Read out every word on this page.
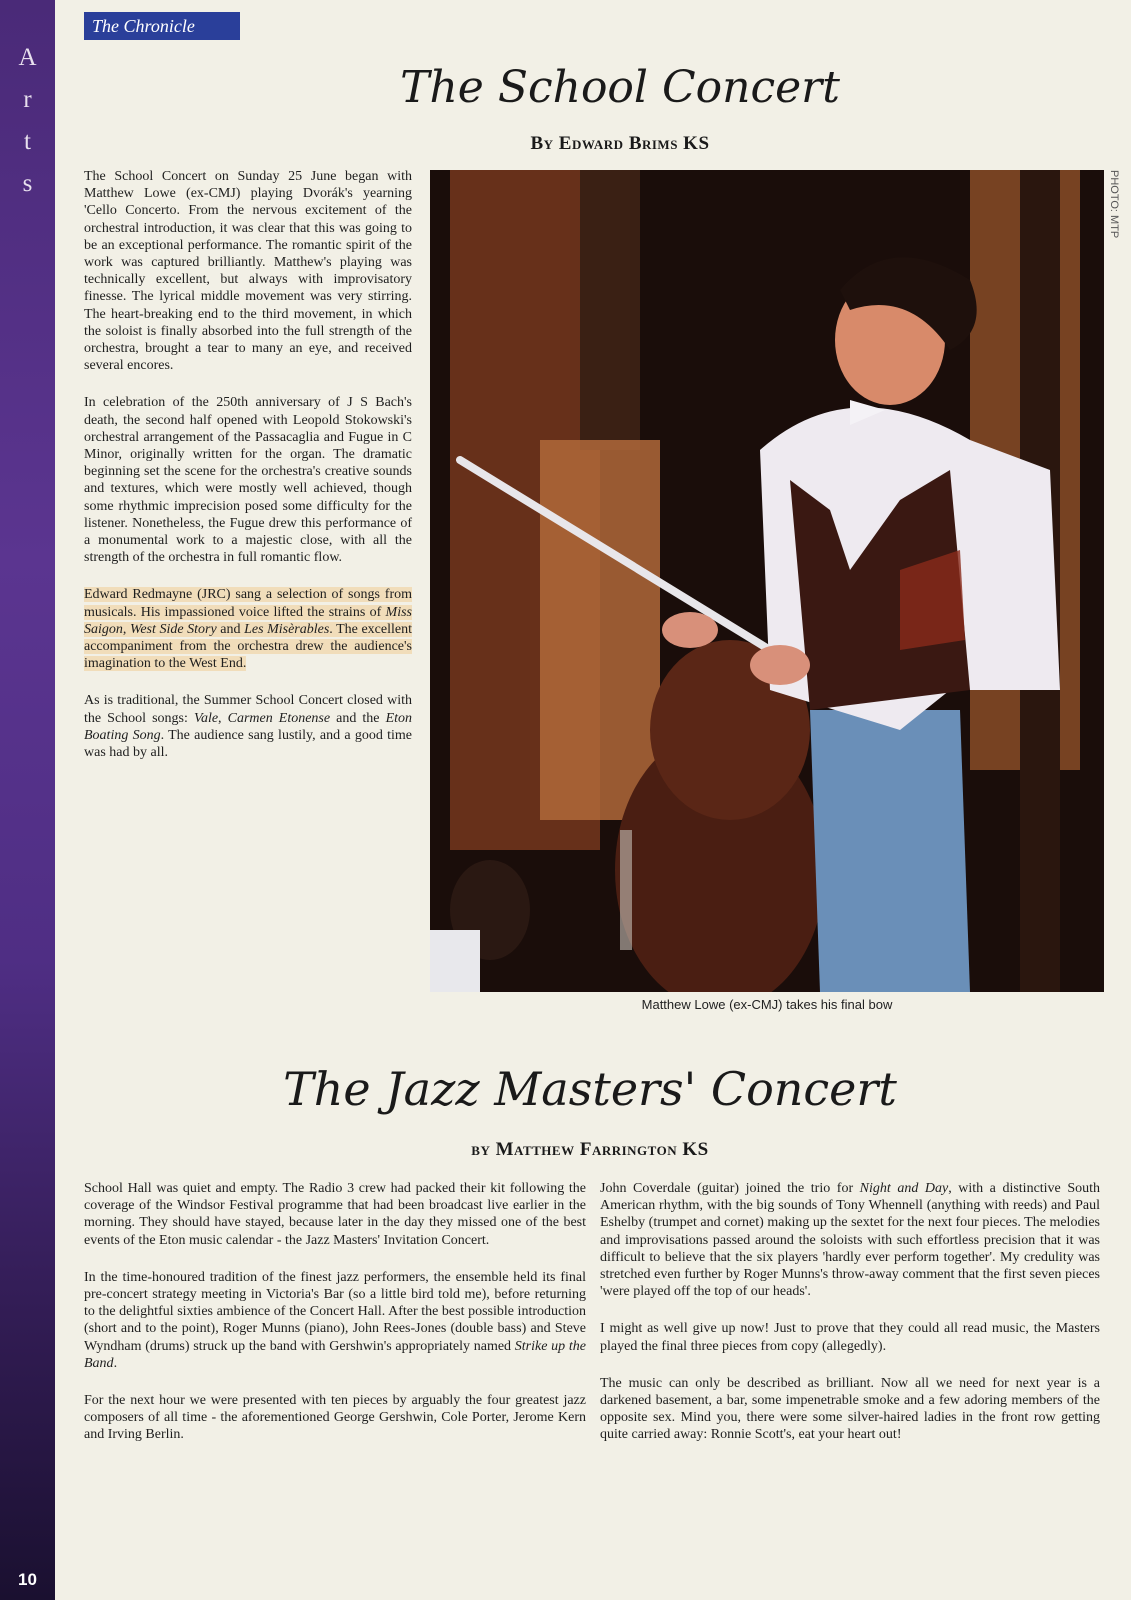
A
r
t
s
10
The Chronicle
The School Concert
By Edward Brims KS

The School Concert on Sunday 25 June began with Matthew Lowe (ex-CMJ) playing Dvorák's yearning 'Cello Concerto. From the nervous excitement of the orchestral introduction, it was clear that this was going to be an exceptional performance. The romantic spirit of the work was captured brilliantly. Matthew's playing was technically excellent, but always with improvisatory finesse. The lyrical middle movement was very stirring. The heart-breaking end to the third movement, in which the soloist is finally absorbed into the full strength of the orchestra, brought a tear to many an eye, and received several encores.

In celebration of the 250th anniversary of J S Bach's death, the second half opened with Leopold Stokowski's orchestral arrangement of the Passacaglia and Fugue in C Minor, originally written for the organ. The dramatic beginning set the scene for the orchestra's creative sounds and textures, which were mostly well achieved, though some rhythmic imprecision posed some difficulty for the listener. Nonetheless, the Fugue drew this performance of a monumental work to a majestic close, with all the strength of the orchestra in full romantic flow.

Edward Redmayne (JRC) sang a selection of songs from musicals. His impassioned voice lifted the strains of Miss Saigon, West Side Story and Les Misèrables. The excellent accompaniment from the orchestra drew the audience's imagination to the West End.

As is traditional, the Summer School Concert closed with the School songs: Vale, Carmen Etonense and the Eton Boating Song. The audience sang lustily, and a good time was had by all.

PHOTO: MTP
Matthew Lowe (ex-CMJ) takes his final bow
The Jazz Masters' Concert
by Matthew Farrington KS

School Hall was quiet and empty. The Radio 3 crew had packed their kit following the coverage of the Windsor Festival programme that had been broadcast live earlier in the morning. They should have stayed, because later in the day they missed one of the best events of the Eton music calendar - the Jazz Masters' Invitation Concert.

In the time-honoured tradition of the finest jazz performers, the ensemble held its final pre-concert strategy meeting in Victoria's Bar (so a little bird told me), before returning to the delightful sixties ambience of the Concert Hall. After the best possible introduction (short and to the point), Roger Munns (piano), John Rees-Jones (double bass) and Steve Wyndham (drums) struck up the band with Gershwin's appropriately named Strike up the Band.

For the next hour we were presented with ten pieces by arguably the four greatest jazz composers of all time - the aforementioned George Gershwin, Cole Porter, Jerome Kern and Irving Berlin.

John Coverdale (guitar) joined the trio for Night and Day, with a distinctive South American rhythm, with the big sounds of Tony Whennell (anything with reeds) and Paul Eshelby (trumpet and cornet) making up the sextet for the next four pieces. The melodies and improvisations passed around the soloists with such effortless precision that it was difficult to believe that the six players 'hardly ever perform together'. My credulity was stretched even further by Roger Munns's throw-away comment that the first seven pieces 'were played off the top of our heads'.

I might as well give up now! Just to prove that they could all read music, the Masters played the final three pieces from copy (allegedly).

The music can only be described as brilliant. Now all we need for next year is a darkened basement, a bar, some impenetrable smoke and a few adoring members of the opposite sex. Mind you, there were some silver-haired ladies in the front row getting quite carried away: Ronnie Scott's, eat your heart out!
